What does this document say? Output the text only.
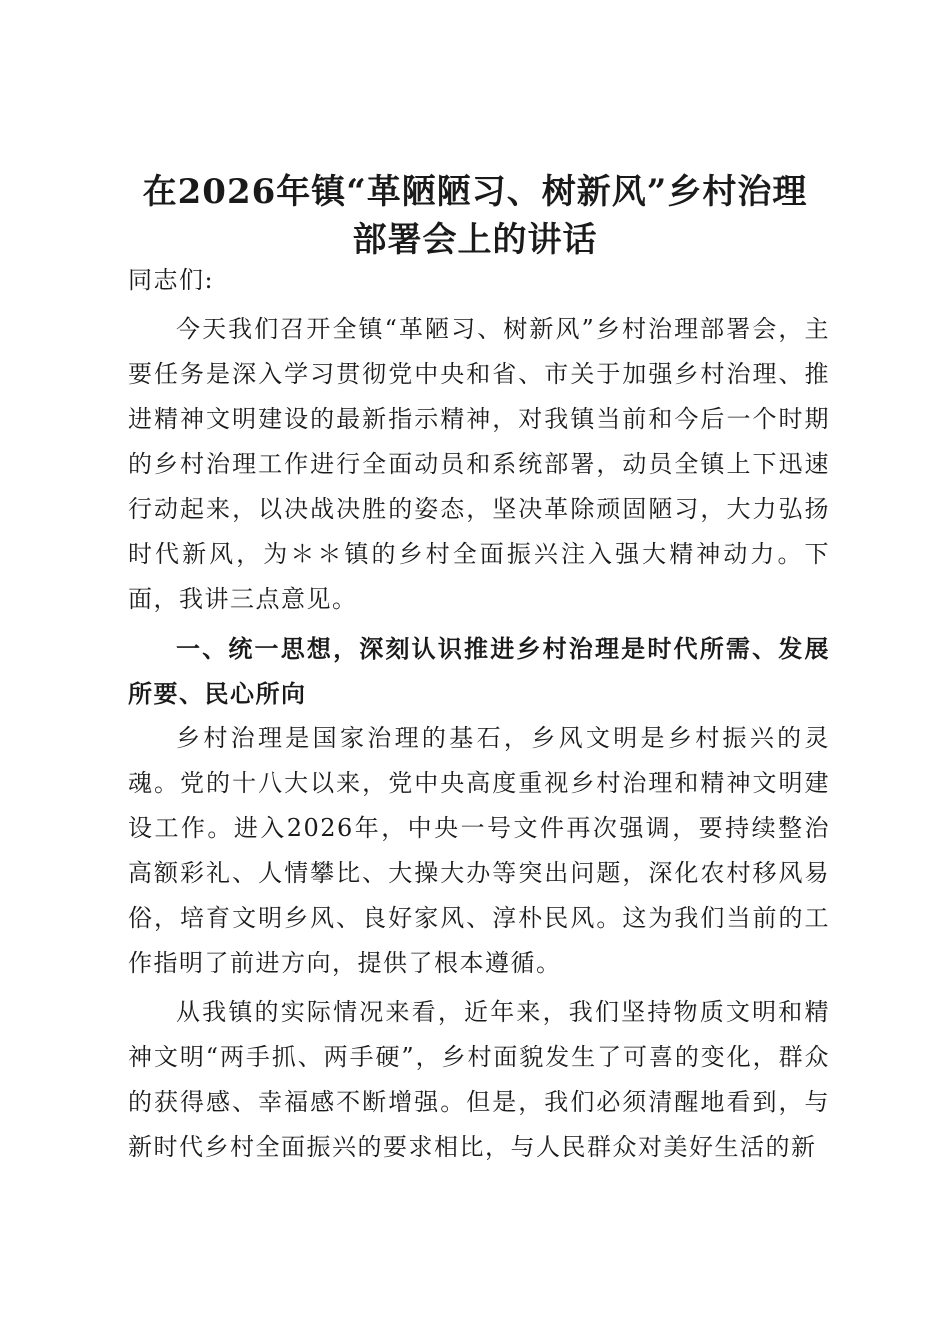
在2026年镇“革陋陋习、树新风”乡村治理
部署会上的讲话

同志们:

今天我们召开全镇“革陋习、树新风”乡村治理部署会，主要任务是深入学习贯彻党中央和省、市关于加强乡村治理、推进精神文明建设的最新指示精神，对我镇当前和今后一个时期的乡村治理工作进行全面动员和系统部署，动员全镇上下迅速行动起来，以决战决胜的姿态，坚决革除顽固陋习，大力弘扬时代新风，为＊＊镇的乡村全面振兴注入强大精神动力。下面，我讲三点意见。

一、统一思想，深刻认识推进乡村治理是时代所需、发展所要、民心所向

乡村治理是国家治理的基石，乡风文明是乡村振兴的灵魂。党的十八大以来，党中央高度重视乡村治理和精神文明建设工作。进入2026年，中央一号文件再次强调，要持续整治高额彩礼、人情攀比、大操大办等突出问题，深化农村移风易俗，培育文明乡风、良好家风、淳朴民风。这为我们当前的工作指明了前进方向，提供了根本遵循。

从我镇的实际情况来看，近年来，我们坚持物质文明和精神文明“两手抓、两手硬”，乡村面貌发生了可喜的变化，群众的获得感、幸福感不断增强。但是，我们必须清醒地看到，与新时代乡村全面振兴的要求相比，与人民群众对美好生活的新
